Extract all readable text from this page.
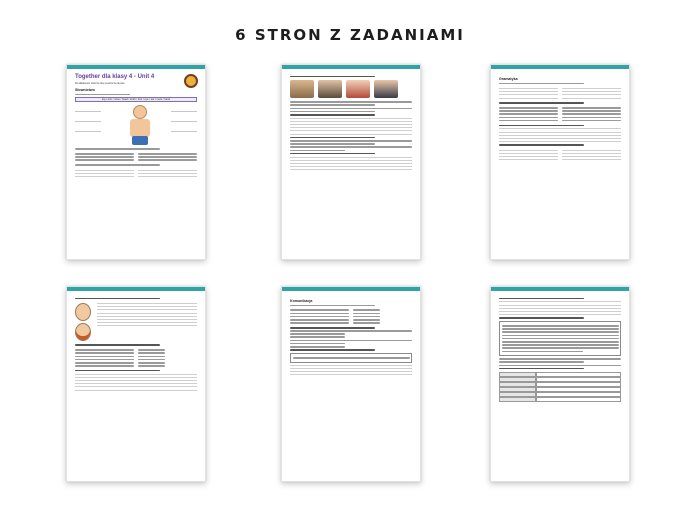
6 STRON Z ZADANIAMI
Together dla klasy 4 - Unit 4
Dodatkowe ćwiczenia powtórzeniowe
Słownictwo
leg / arm / nose / head / tooth / foot / eye / ear / neck / hand
Gramatyka
Komunikacja
